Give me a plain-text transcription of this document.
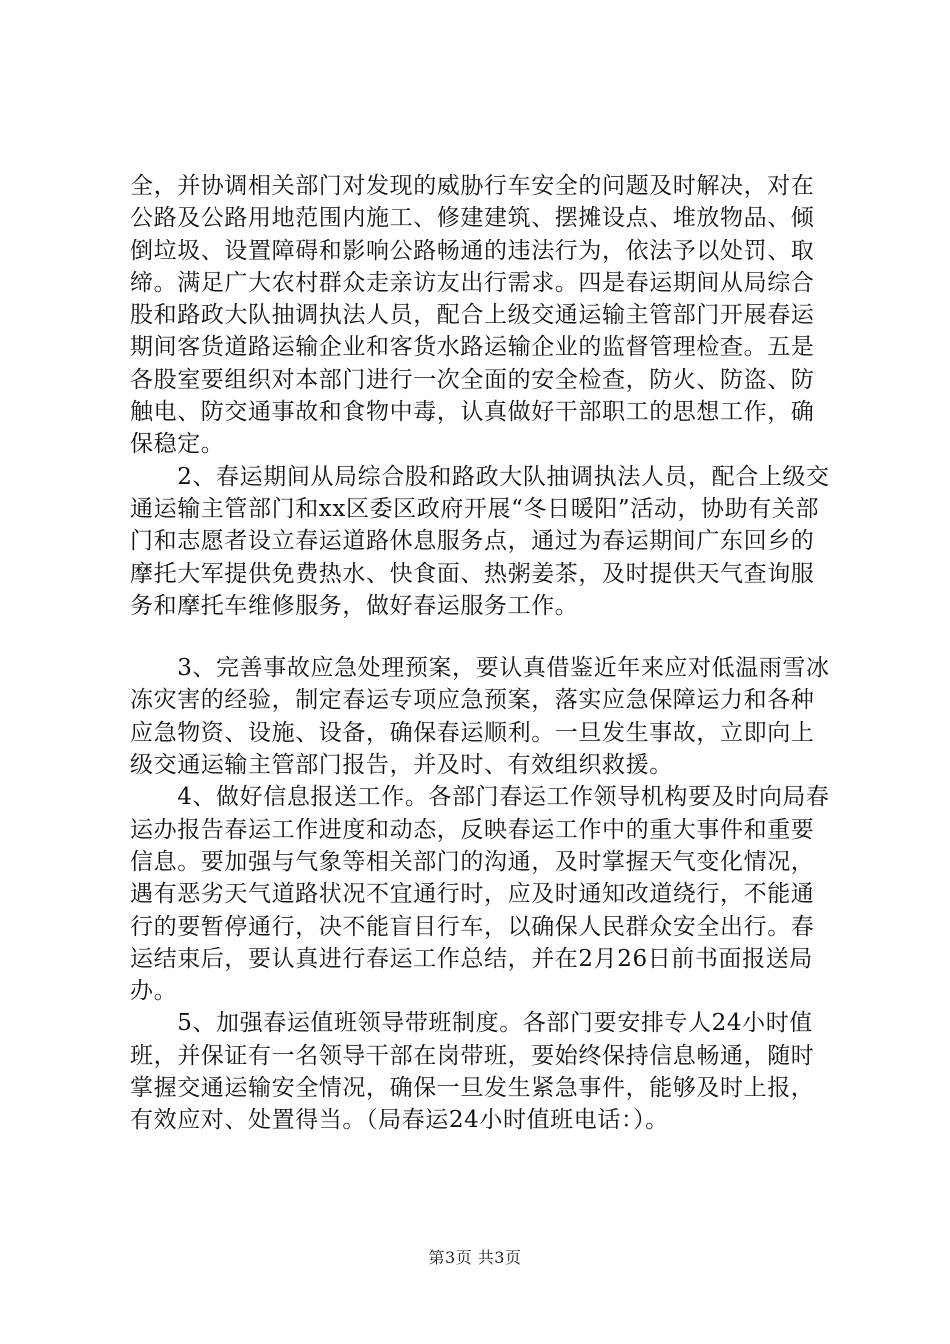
全，并协调相关部门对发现的威胁行车安全的问题及时解决，对在公路及公路用地范围内施工、修建建筑、摆摊设点、堆放物品、倾倒垃圾、设置障碍和影响公路畅通的违法行为，依法予以处罚、取缔。满足广大农村群众走亲访友出行需求。四是春运期间从局综合股和路政大队抽调执法人员，配合上级交通运输主管部门开展春运期间客货道路运输企业和客货水路运输企业的监督管理检查。五是各股室要组织对本部门进行一次全面的安全检查，防火、防盗、防触电、防交通事故和食物中毒，认真做好干部职工的思想工作，确保稳定。

　　2、春运期间从局综合股和路政大队抽调执法人员，配合上级交通运输主管部门和xx区委区政府开展“冬日暖阳”活动，协助有关部门和志愿者设立春运道路休息服务点，通过为春运期间广东回乡的摩托大军提供免费热水、快食面、热粥姜茶，及时提供天气查询服务和摩托车维修服务，做好春运服务工作。

　　3、完善事故应急处理预案，要认真借鉴近年来应对低温雨雪冰冻灾害的经验，制定春运专项应急预案，落实应急保障运力和各种应急物资、设施、设备，确保春运顺利。一旦发生事故，立即向上级交通运输主管部门报告，并及时、有效组织救援。

　　4、做好信息报送工作。各部门春运工作领导机构要及时向局春运办报告春运工作进度和动态，反映春运工作中的重大事件和重要信息。要加强与气象等相关部门的沟通，及时掌握天气变化情况，遇有恶劣天气道路状况不宜通行时，应及时通知改道绕行，不能通行的要暂停通行，决不能盲目行车，以确保人民群众安全出行。春运结束后，要认真进行春运工作总结，并在2月26日前书面报送局办。

　　5、加强春运值班领导带班制度。各部门要安排专人24小时值班，并保证有一名领导干部在岗带班，要始终保持信息畅通，随时掌握交通运输安全情况，确保一旦发生紧急事件，能够及时上报，有效应对、处置得当。（局春运24小时值班电话：）。

第3页 共3页
